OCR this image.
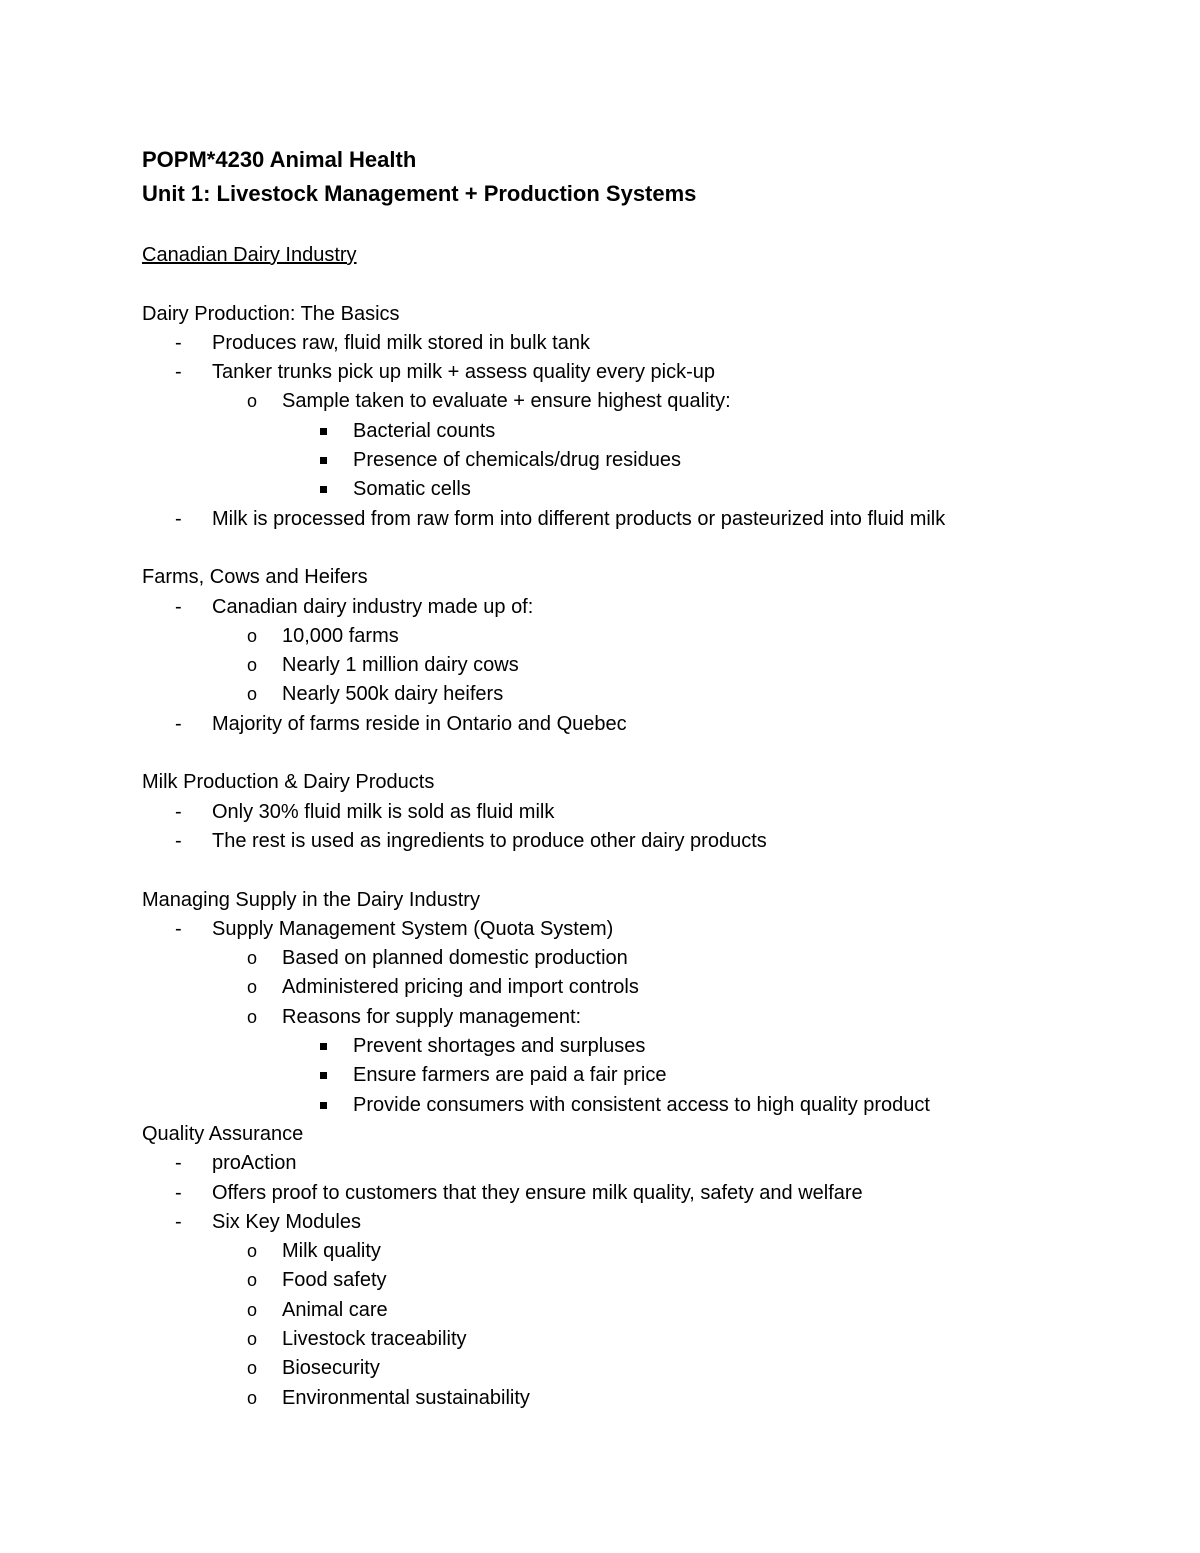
POPM*4230 Animal Health
Unit 1: Livestock Management + Production Systems
Canadian Dairy Industry
Dairy Production: The Basics
- Produces raw, fluid milk stored in bulk tank
- Tanker trunks pick up milk + assess quality every pick-up
o Sample taken to evaluate + ensure highest quality:
Bacterial counts
Presence of chemicals/drug residues
Somatic cells
- Milk is processed from raw form into different products or pasteurized into fluid milk
Farms, Cows and Heifers
- Canadian dairy industry made up of:
o 10,000 farms
o Nearly 1 million dairy cows
o Nearly 500k dairy heifers
- Majority of farms reside in Ontario and Quebec
Milk Production & Dairy Products
- Only 30% fluid milk is sold as fluid milk
- The rest is used as ingredients to produce other dairy products
Managing Supply in the Dairy Industry
- Supply Management System (Quota System)
o Based on planned domestic production
o Administered pricing and import controls
o Reasons for supply management:
Prevent shortages and surpluses
Ensure farmers are paid a fair price
Provide consumers with consistent access to high quality product
Quality Assurance
- proAction
- Offers proof to customers that they ensure milk quality, safety and welfare
- Six Key Modules
o Milk quality
o Food safety
o Animal care
o Livestock traceability
o Biosecurity
o Environmental sustainability
